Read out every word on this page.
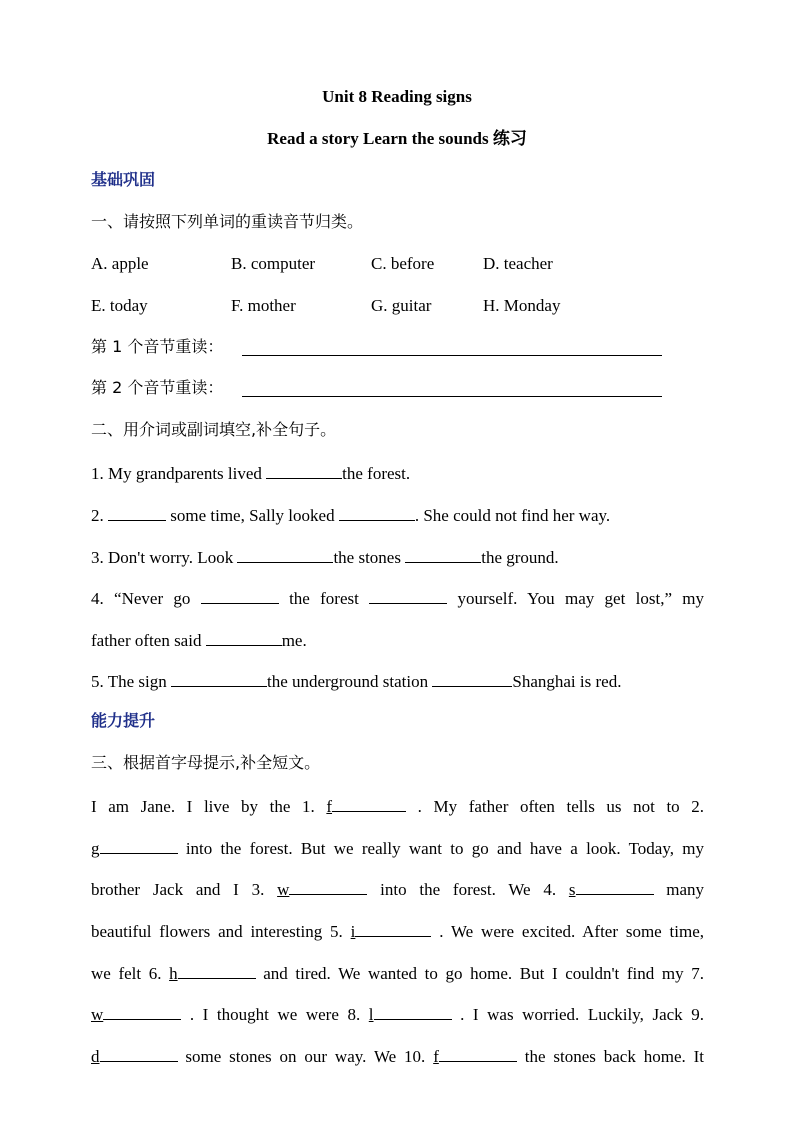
Unit 8 Reading signs
Read a story Learn the sounds 练习
基础巩固
一、请按照下列单词的重读音节归类。
A. apple	B. computer	C. before	D. teacher
E. today	F. mother	G. guitar	H. Monday
第 1 个音节重读：
第 2 个音节重读：
二、用介词或副词填空,补全句子。
1. My grandparents lived	the forest.
2.	some time, Sally looked	. She could not find her way.
3. Don't worry. Look	the stones	the ground.
4. “Never go	the forest	yourself. You may get lost,” my
father often said	me.
5. The sign	the underground station	Shanghai is red.
能力提升
三、根据首字母提示,补全短文。
I am Jane. I live by the 1. f	. My father often tells us not to 2.
g	into the forest. But we really want to go and have a look. Today, my
brother Jack and I 3. w	into the forest. We 4. s	many
beautiful flowers and interesting 5. i	. We were excited. After some time,
we felt 6. h	and tired. We wanted to go home. But I couldn't find my 7.
w	. I thought we were 8. l	. I was worried. Luckily, Jack 9.
d	some stones on our way. We 10. f	the stones back home. It
